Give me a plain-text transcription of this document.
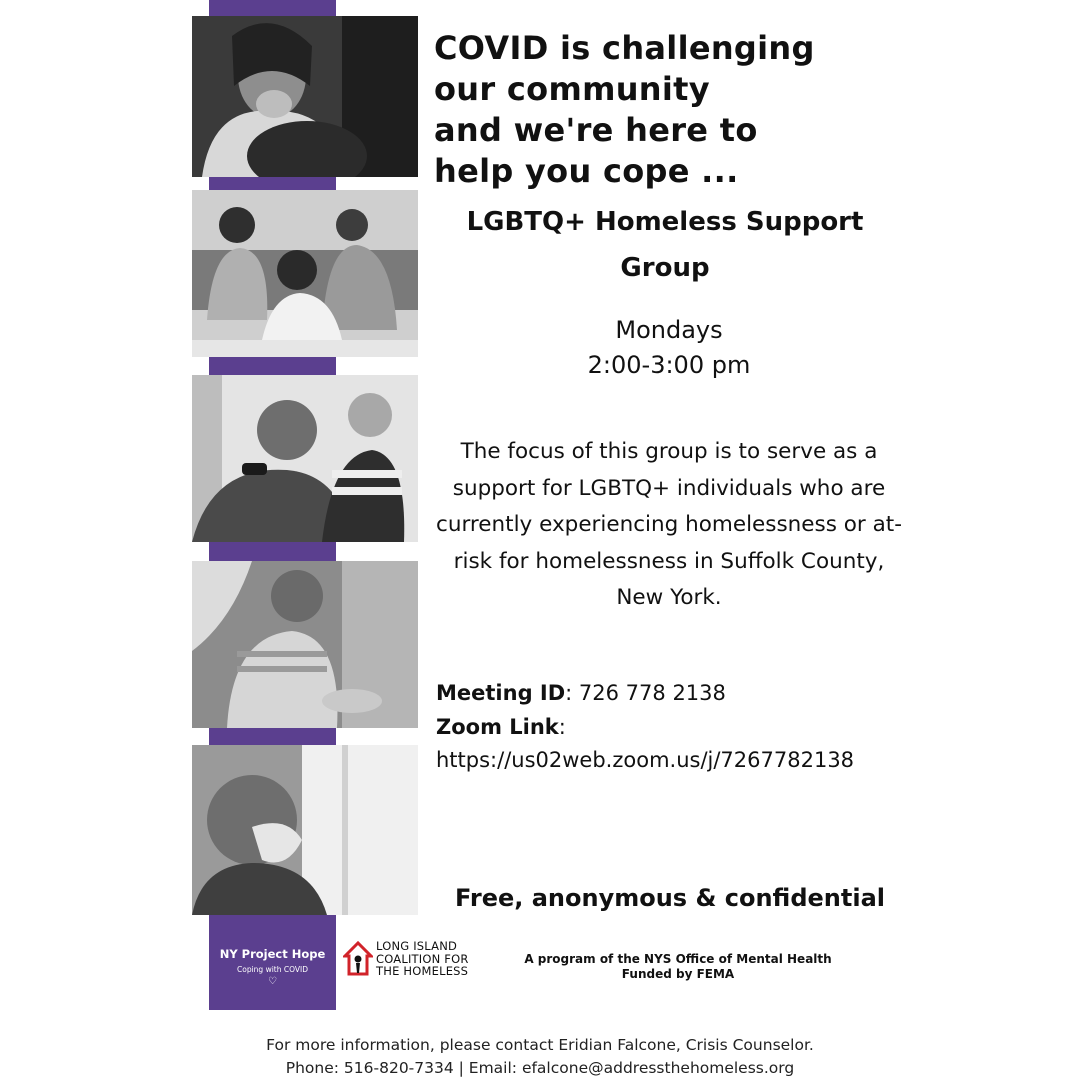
COVID is challenging
our community
and we're here to
help you cope ...
LGBTQ+ Homeless Support Group
Mondays
2:00-3:00 pm

The focus of this group is to serve as a support for LGBTQ+ individuals who are currently experiencing homelessness or at-risk for homelessness in Suffolk County, New York.

Meeting ID: 726 778 2138
Zoom Link:
https://us02web.zoom.us/j/7267782138

Free, anonymous & confidential

NY Project Hope
Coping with COVID
♡
LONG ISLAND
COALITION FOR
THE HOMELESS
A program of the NYS Office of Mental Health
Funded by FEMA
For more information, please contact Eridian Falcone, Crisis Counselor.
Phone: 516-820-7334 | Email: efalcone@addressthehomeless.org
